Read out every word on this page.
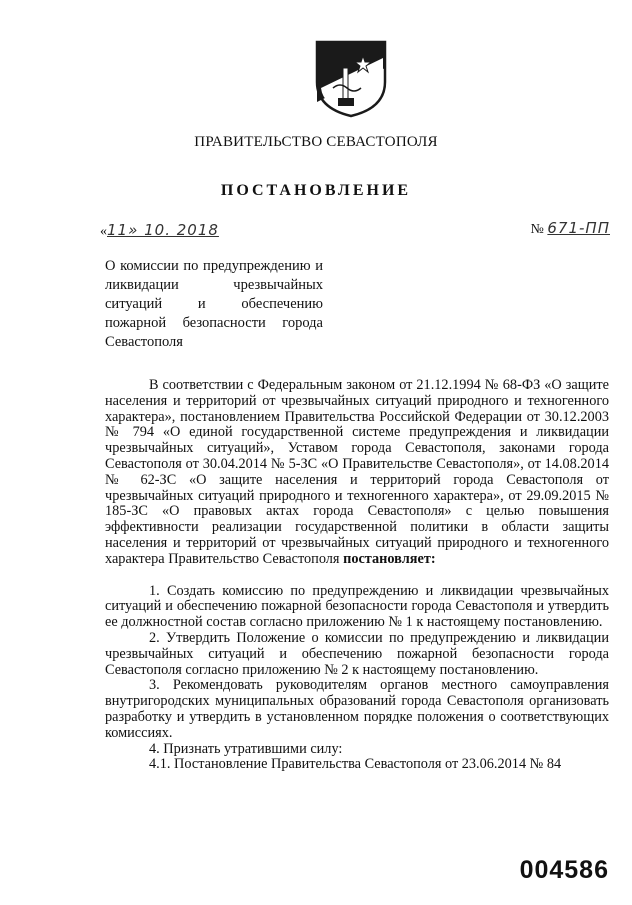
ПРАВИТЕЛЬСТВО СЕВАСТОПОЛЯ
ПОСТАНОВЛЕНИЕ
«11» 10. 2018	№ 671-ПП
О комиссии по предупреждению и ликвидации чрезвычайных ситуаций и обеспечению пожарной безопасности города Севастополя

В соответствии с Федеральным законом от 21.12.1994 № 68-ФЗ «О защите населения и территорий от чрезвычайных ситуаций природного и техногенного характера», постановлением Правительства Российской Федерации от 30.12.2003 № 794 «О единой государственной системе предупреждения и ликвидации чрезвычайных ситуаций», Уставом города Севастополя, законами города Севастополя от 30.04.2014 № 5-ЗС «О Правительстве Севастополя», от 14.08.2014 № 62-ЗС «О защите населения и территорий города Севастополя от чрезвычайных ситуаций природного и техногенного характера», от 29.09.2015 № 185-ЗС «О правовых актах города Севастополя» с целью повышения эффективности реализации государственной политики в области защиты населения и территорий от чрезвычайных ситуаций природного и техногенного характера Правительство Севастополя постановляет:

1. Создать комиссию по предупреждению и ликвидации чрезвычайных ситуаций и обеспечению пожарной безопасности города Севастополя и утвердить ее должностной состав согласно приложению № 1 к настоящему постановлению.

2. Утвердить Положение о комиссии по предупреждению и ликвидации чрезвычайных ситуаций и обеспечению пожарной безопасности города Севастополя согласно приложению № 2 к настоящему постановлению.

3. Рекомендовать руководителям органов местного самоуправления внутригородских муниципальных образований города Севастополя организовать разработку и утвердить в установленном порядке положения о соответствующих комиссиях.

4. Признать утратившими силу:

4.1. Постановление Правительства Севастополя от 23.06.2014 № 84

004586
